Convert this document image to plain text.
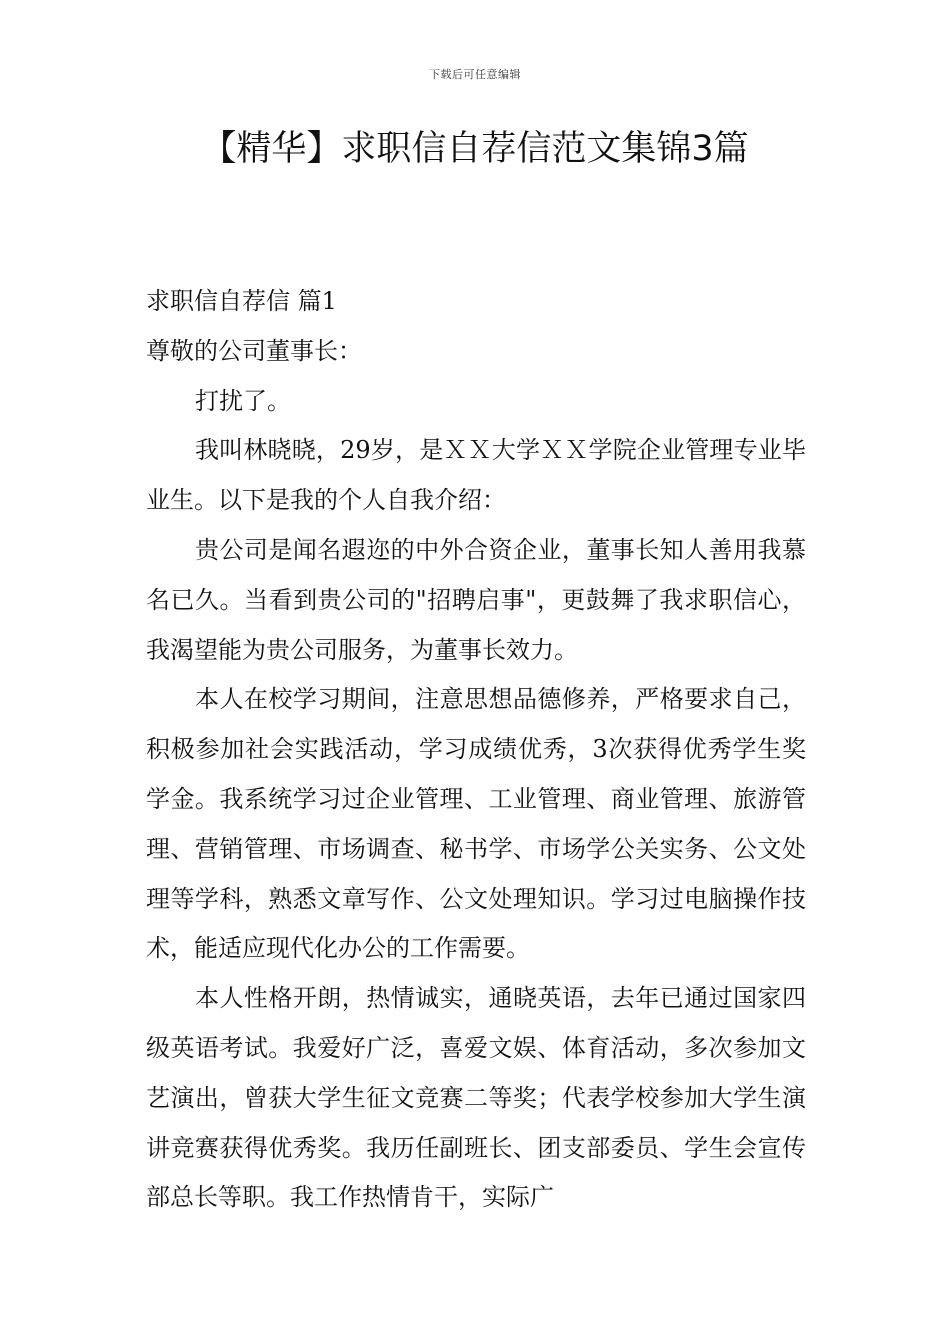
下载后可任意编辑
【精华】求职信自荐信范文集锦3篇

求职信自荐信 篇1

尊敬的公司董事长：

打扰了。

我叫林晓晓，29岁，是ＸＸ大学ＸＸ学院企业管理专业毕业生。以下是我的个人自我介绍：

贵公司是闻名遐迩的中外合资企业，董事长知人善用我慕名已久。当看到贵公司的"招聘启事"，更鼓舞了我求职信心，我渴望能为贵公司服务，为董事长效力。

本人在校学习期间，注意思想品德修养，严格要求自己，积极参加社会实践活动，学习成绩优秀，3次获得优秀学生奖学金。我系统学习过企业管理、工业管理、商业管理、旅游管理、营销管理、市场调查、秘书学、市场学公关实务、公文处理等学科，熟悉文章写作、公文处理知识。学习过电脑操作技术，能适应现代化办公的工作需要。

本人性格开朗，热情诚实，通晓英语，去年已通过国家四级英语考试。我爱好广泛，喜爱文娱、体育活动，多次参加文艺演出，曾获大学生征文竞赛二等奖；代表学校参加大学生演讲竞赛获得优秀奖。我历任副班长、团支部委员、学生会宣传部总长等职。我工作热情肯干，实际广
